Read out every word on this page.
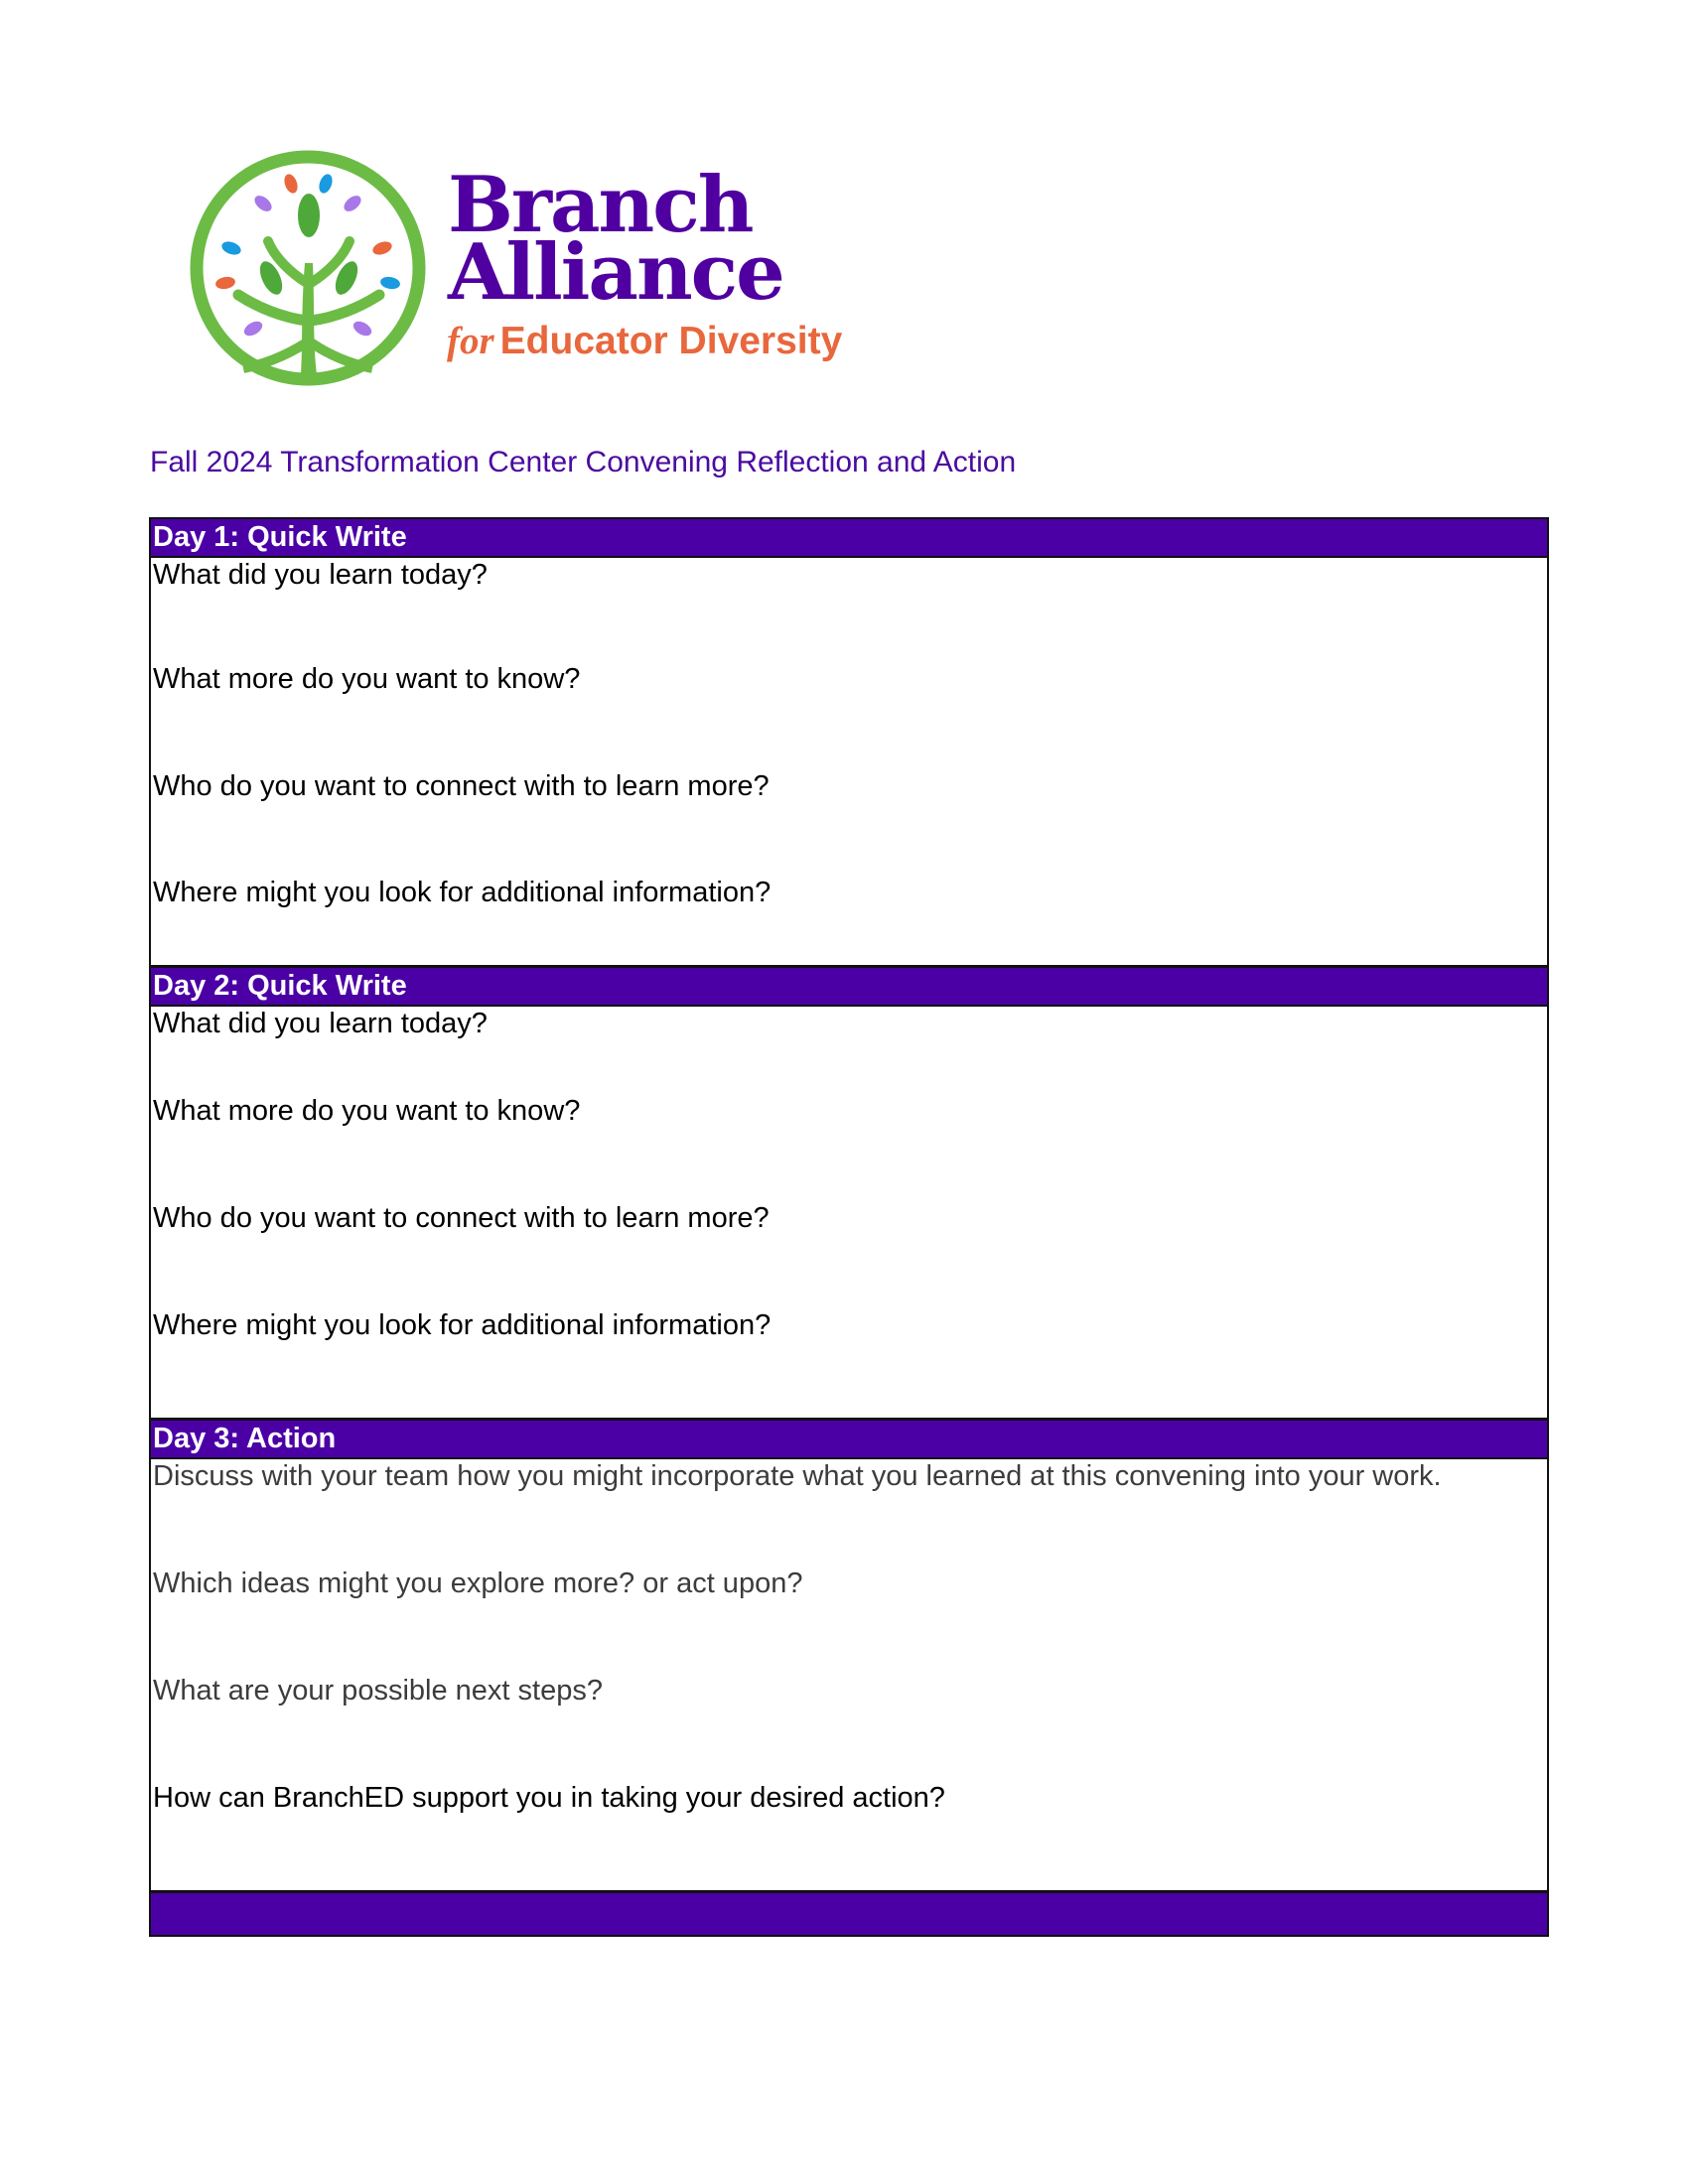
Branch
Alliance
for Educator Diversity
Fall 2024 Transformation Center Convening Reflection and Action
Day 1: Quick Write

What did you learn today?

What more do you want to know?

Who do you want to connect with to learn more?

Where might you look for additional information?

Day 2: Quick Write

What did you learn today?

What more do you want to know?

Who do you want to connect with to learn more?

Where might you look for additional information?

Day 3: Action

Discuss with your team how you might incorporate what you learned at this convening into your work.

Which ideas might you explore more? or act upon?

What are your possible next steps?

How can BranchED support you in taking your desired action?
